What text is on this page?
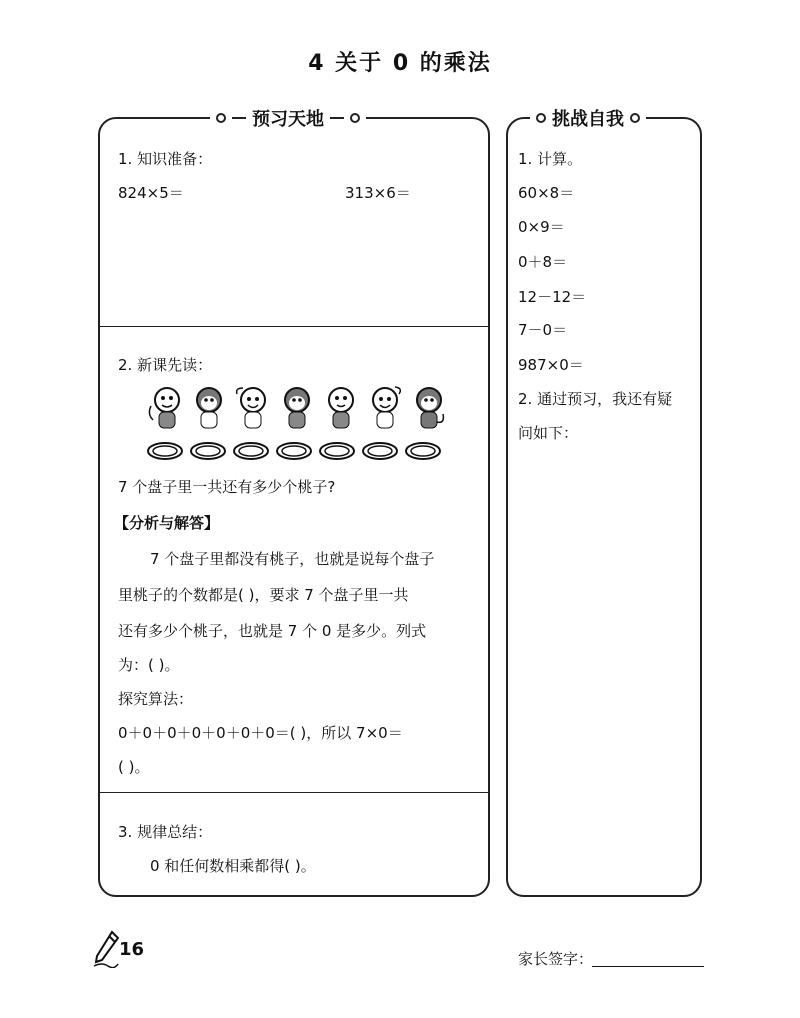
4 关于 0 的乘法
预习天地
1. 知识准备：
824×5＝	313×6＝
2. 新课先读：
7 个盘子里一共还有多少个桃子?
【分析与解答】
7 个盘子里都没有桃子，也就是说每个盘子
里桃子的个数都是( )，要求 7 个盘子里一共
还有多少个桃子，也就是 7 个 0 是多少。列式
为：( )。
探究算法：
0＋0＋0＋0＋0＋0＋0＝( )，所以 7×0＝
( )。
3. 规律总结：
0 和任何数相乘都得( )。
挑战自我
1. 计算。
60×8＝
0×9＝
0＋8＝
12－12＝
7－0＝
987×0＝
2. 通过预习，我还有疑
问如下：
16	家长签字：
